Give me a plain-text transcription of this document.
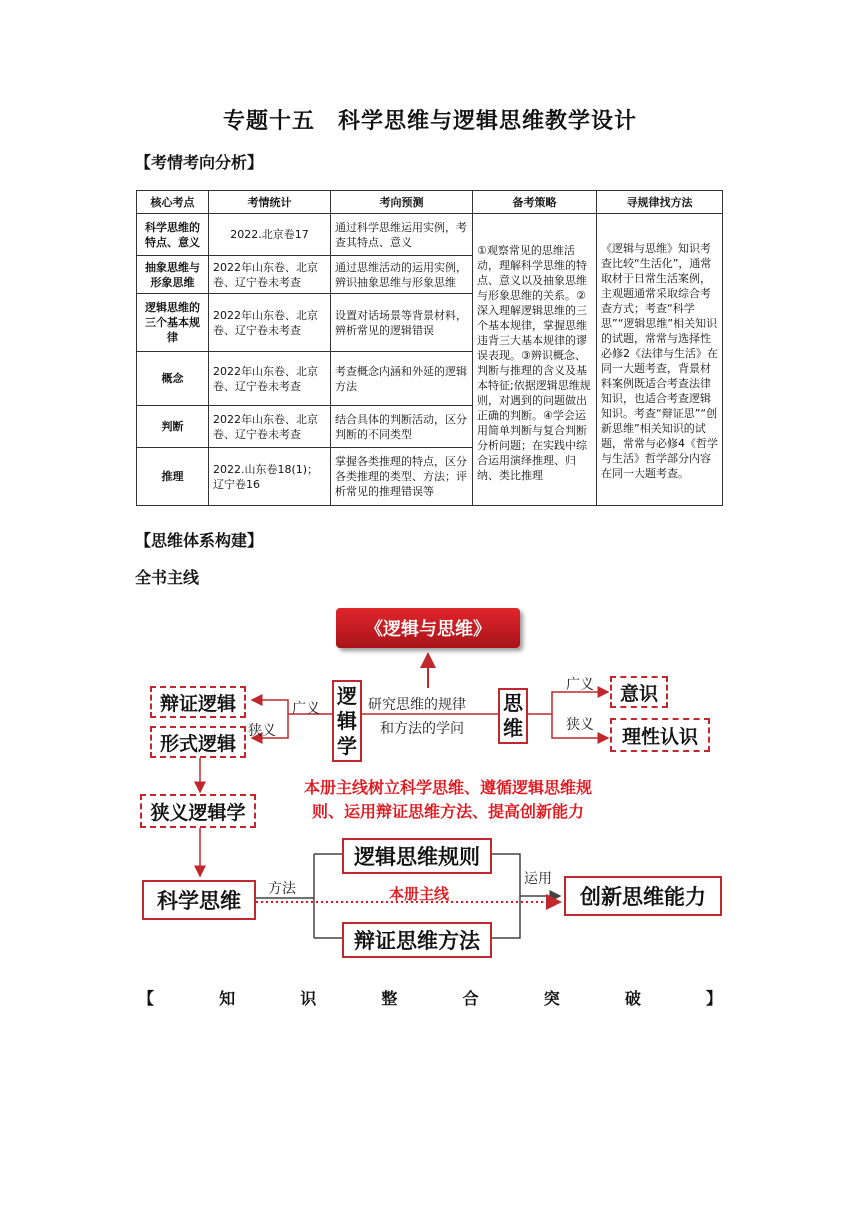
专题十五　科学思维与逻辑思维教学设计
【考情考向分析】
核心考点	考情统计	考向预测	备考策略	寻规律找方法
科学思维的特点、意义	2022.北京卷17	通过科学思维运用实例，考查其特点、意义	①观察常见的思维活动，理解科学思维的特点、意义以及抽象思维与形象思维的关系。②深入理解逻辑思维的三个基本规律，掌握思维违背三大基本规律的谬误表现。③辨识概念、判断与推理的含义及基本特征;依据逻辑思维规则，对遇到的问题做出正确的判断。④学会运用简单判断与复合判断分析问题；在实践中综合运用演绎推理、归纳、类比推理	《逻辑与思维》知识考查比较“生活化”，通常取材于日常生活案例，主观题通常采取综合考查方式；考查“科学思”“逻辑思维”相关知识的试题，常常与选择性必修2《法律与生活》在同一大题考查，背景材料案例既适合考查法律知识，也适合考查逻辑知识。考查“辩证思”“创新思维”相关知识的试题，常常与必修4《哲学与生活》哲学部分内容在同一大题考查。
抽象思维与形象思维	2022年山东卷、北京卷、辽宁卷未考查	通过思维活动的运用实例，辨识抽象思维与形象思维		
逻辑思维的三个基本规律	2022年山东卷、北京卷、辽宁卷未考查	设置对话场景等背景材料，辨析常见的逻辑错误		
概念	2022年山东卷、北京卷、辽宁卷未考查	考查概念内涵和外延的逻辑方法		
判断	2022年山东卷、北京卷、辽宁卷未考查	结合具体的判断活动，区分判断的不同类型		
推理	2022.山东卷18(1)；辽宁卷16	掌握各类推理的特点，区分各类推理的类型、方法；评析常见的推理错误等		
【思维体系构建】
全书主线
《逻辑与思维》
逻辑学
思维
研究思维的规律
和方法的学问
广义
狭义
广义
狭义
辩证逻辑
形式逻辑
意识
理性认识
狭义逻辑学
本册主线树立科学思维、遵循逻辑思维规
则、运用辩证思维方法、提高创新能力
逻辑思维规则
辩证思维方法
科学思维	创新思维能力
方法
运用
本册主线
【	知	识	整	合	突	破	】
